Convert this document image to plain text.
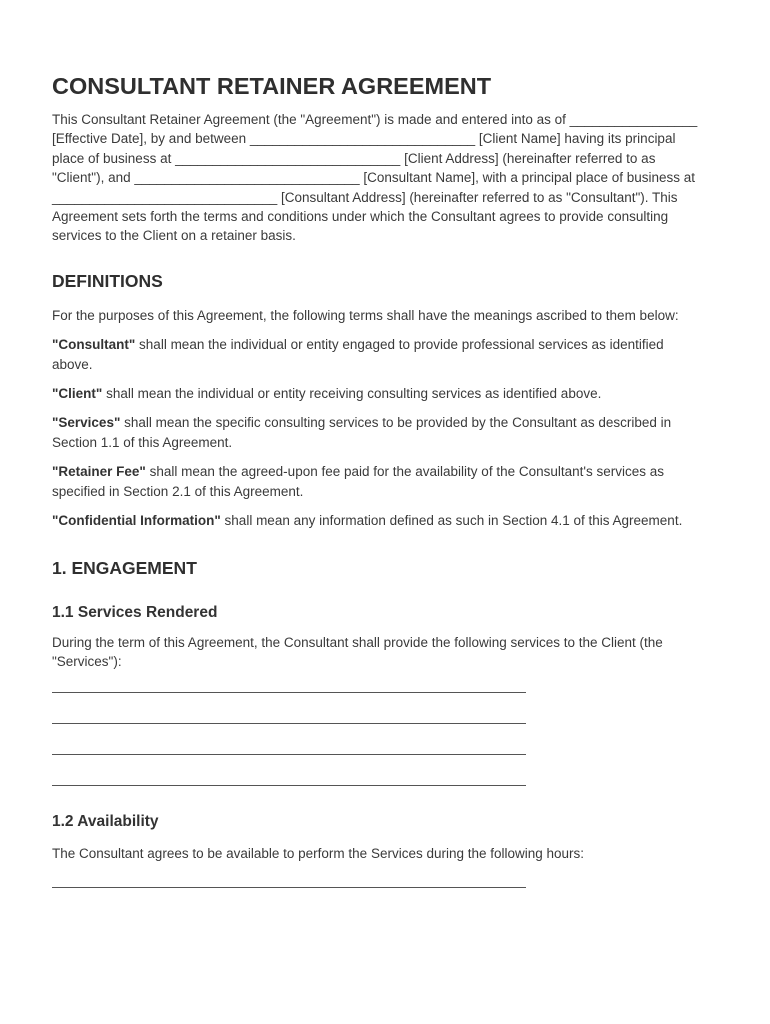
CONSULTANT RETAINER AGREEMENT

This Consultant Retainer Agreement (the "Agreement") is made and entered into as of _________________ [Effective Date], by and between ______________________________ [Client Name] having its principal place of business at ______________________________ [Client Address] (hereinafter referred to as "Client"), and ______________________________ [Consultant Name], with a principal place of business at ______________________________ [Consultant Address] (hereinafter referred to as "Consultant"). This Agreement sets forth the terms and conditions under which the Consultant agrees to provide consulting services to the Client on a retainer basis.

DEFINITIONS

For the purposes of this Agreement, the following terms shall have the meanings ascribed to them below:

"Consultant" shall mean the individual or entity engaged to provide professional services as identified above.

"Client" shall mean the individual or entity receiving consulting services as identified above.

"Services" shall mean the specific consulting services to be provided by the Consultant as described in Section 1.1 of this Agreement.

"Retainer Fee" shall mean the agreed-upon fee paid for the availability of the Consultant's services as specified in Section 2.1 of this Agreement.

"Confidential Information" shall mean any information defined as such in Section 4.1 of this Agreement.

1. ENGAGEMENT
1.1 Services Rendered

During the term of this Agreement, the Consultant shall provide the following services to the Client (the "Services"):

1.2 Availability

The Consultant agrees to be available to perform the Services during the following hours:
